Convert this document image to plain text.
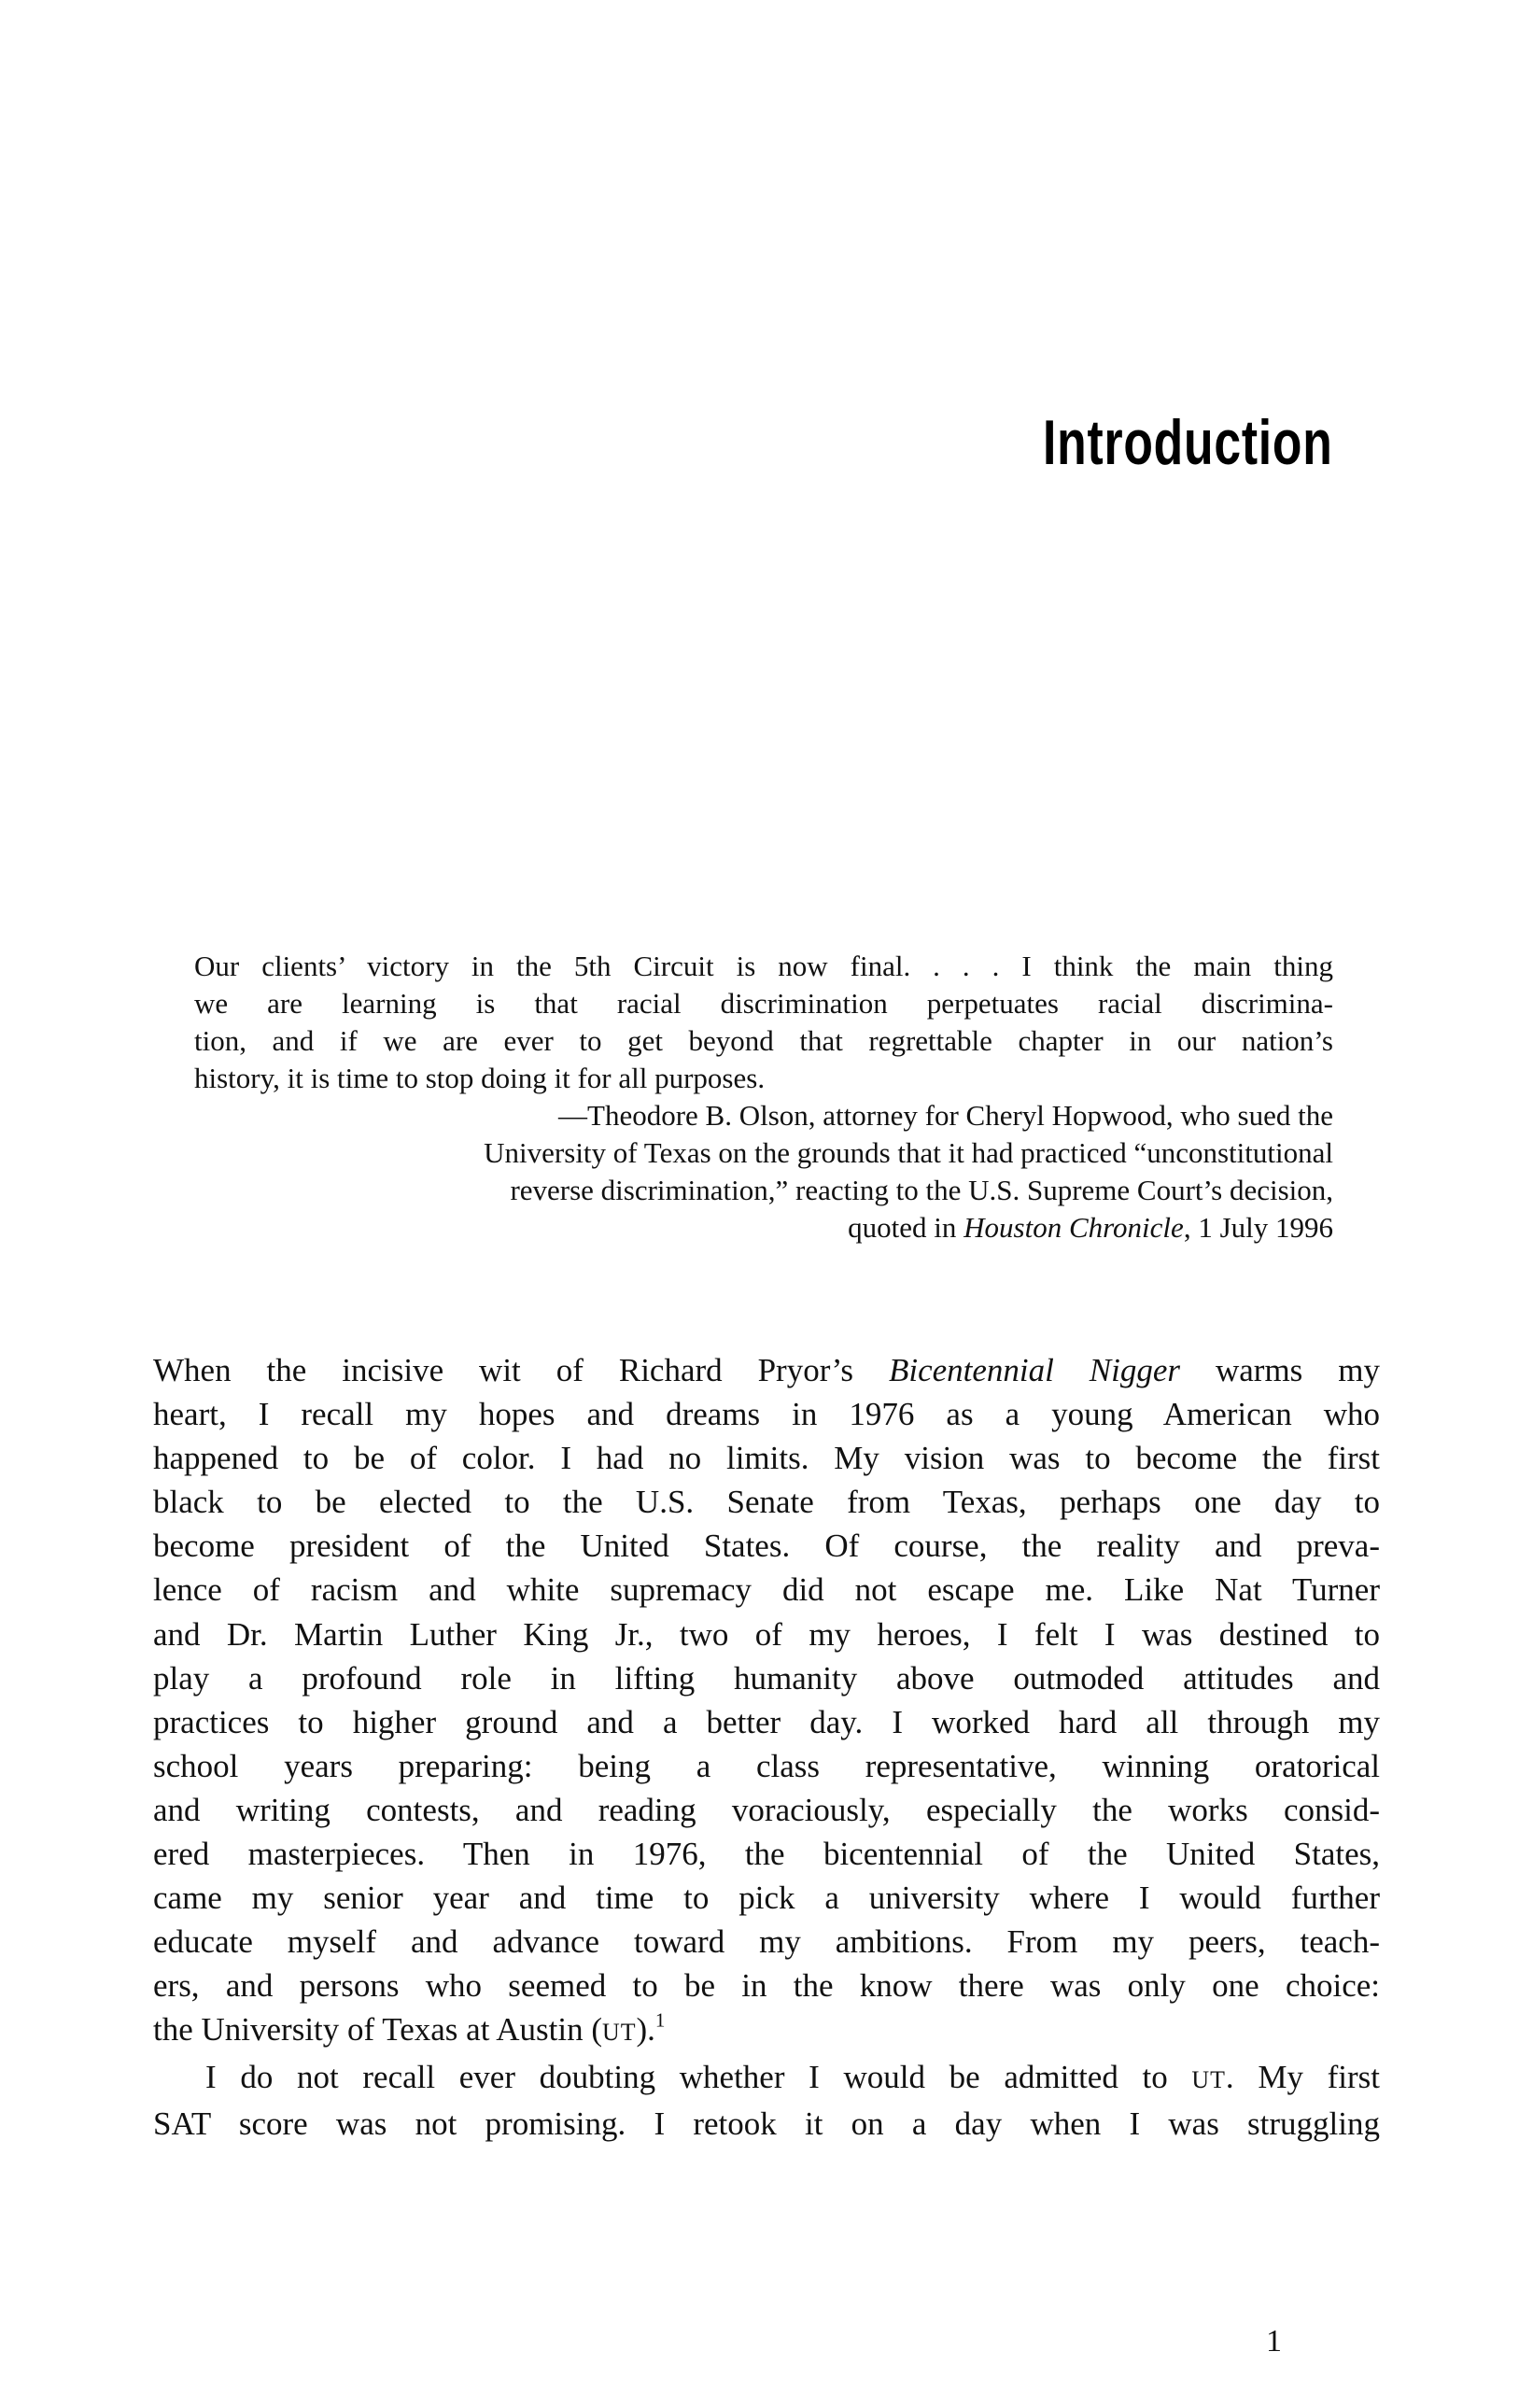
Introduction
Our clients’ victory in the 5th Circuit is now final. . . . I think the main thing
we are learning is that racial discrimination perpetuates racial discrimina-
tion, and if we are ever to get beyond that regrettable chapter in our nation’s
history, it is time to stop doing it for all purposes.
—Theodore B. Olson, attorney for Cheryl Hopwood, who sued the
University of Texas on the grounds that it had practiced “unconstitutional
reverse discrimination,” reacting to the U.S. Supreme Court’s decision,
quoted in Houston Chronicle, 1 July 1996
When the incisive wit of Richard Pryor’s Bicentennial Nigger warms my
heart, I recall my hopes and dreams in 1976 as a young American who
happened to be of color. I had no limits. My vision was to become the first
black to be elected to the U.S. Senate from Texas, perhaps one day to
become president of the United States. Of course, the reality and preva-
lence of racism and white supremacy did not escape me. Like Nat Turner
and Dr. Martin Luther King Jr., two of my heroes, I felt I was destined to
play a profound role in lifting humanity above outmoded attitudes and
practices to higher ground and a better day. I worked hard all through my
school years preparing: being a class representative, winning oratorical
and writing contests, and reading voraciously, especially the works consid-
ered masterpieces. Then in 1976, the bicentennial of the United States,
came my senior year and time to pick a university where I would further
educate myself and advance toward my ambitions. From my peers, teach-
ers, and persons who seemed to be in the know there was only one choice:
the University of Texas at Austin (UT).$^1$
I do not recall ever doubting whether I would be admitted to UT. My first
SAT score was not promising. I retook it on a day when I was struggling
1
